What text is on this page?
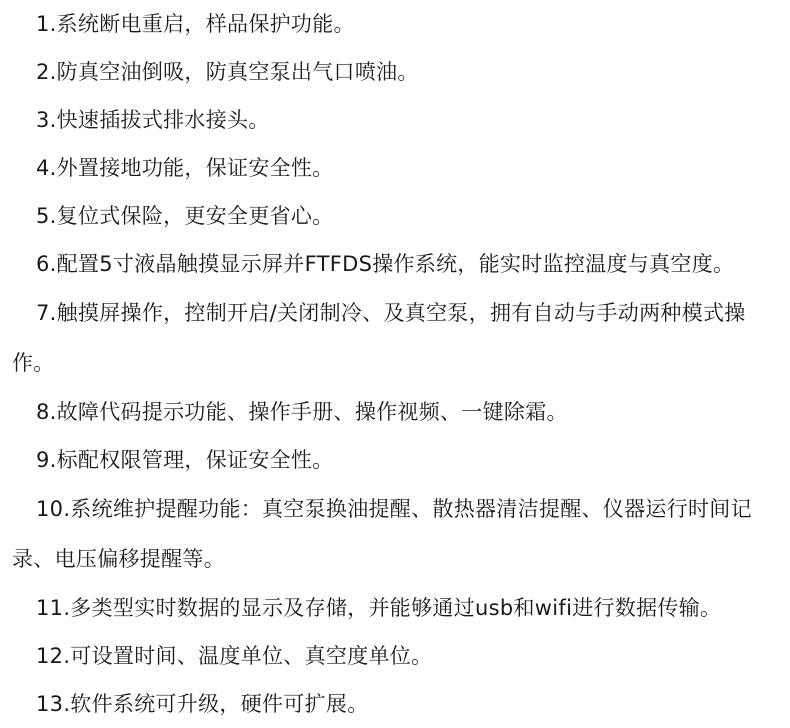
1.系统断电重启，样品保护功能。

2.防真空油倒吸，防真空泵出气口喷油。

3.快速插拔式排水接头。

4.外置接地功能，保证安全性。

5.复位式保险，更安全更省心。

6.配置5寸液晶触摸显示屏并FTFDS操作系统，能实时监控温度与真空度。

7.触摸屏操作，控制开启/关闭制冷、及真空泵，拥有自动与手动两种模式操作。

8.故障代码提示功能、操作手册、操作视频、一键除霜。

9.标配权限管理，保证安全性。

10.系统维护提醒功能：真空泵换油提醒、散热器清洁提醒、仪器运行时间记录、电压偏移提醒等。

11.多类型实时数据的显示及存储，并能够通过usb和wifi进行数据传输。

12.可设置时间、温度单位、真空度单位。

13.软件系统可升级，硬件可扩展。
